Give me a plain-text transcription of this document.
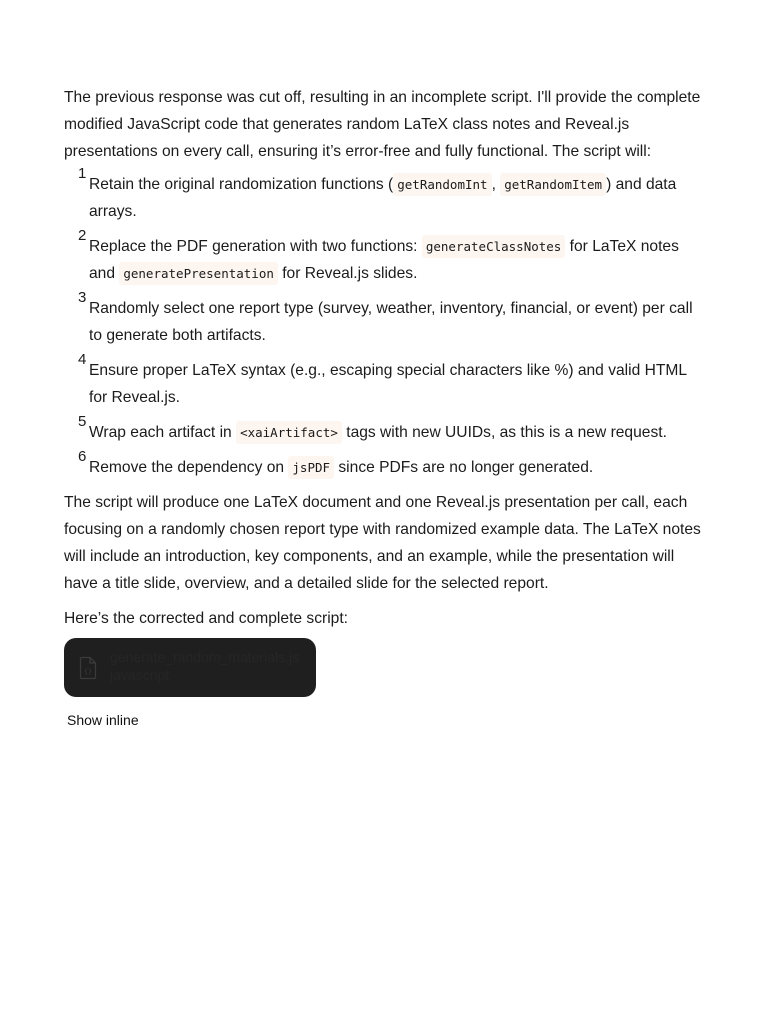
The previous response was cut off, resulting in an incomplete script. I'll provide the complete modified JavaScript code that generates random LaTeX class notes and Reveal.js presentations on every call, ensuring it’s error-free and fully functional. The script will:

1
Retain the original randomization functions ( getRandomInt , getRandomItem ) and data arrays.
2
Replace the PDF generation with two functions: generateClassNotes for LaTeX notes and generatePresentation for Reveal.js slides.
3
Randomly select one report type (survey, weather, inventory, financial, or event) per call to generate both artifacts.
4
Ensure proper LaTeX syntax (e.g., escaping special characters like %) and valid HTML for Reveal.js.
5
Wrap each artifact in <xaiArtifact> tags with new UUIDs, as this is a new request.
6
Remove the dependency on jsPDF since PDFs are no longer generated.

The script will produce one LaTeX document and one Reveal.js presentation per call, each focusing on a randomly chosen report type with randomized example data. The LaTeX notes will include an introduction, key components, and an example, while the presentation will have a title slide, overview, and a detailed slide for the selected report.

Here’s the corrected and complete script:

{}
generate_random_materials.js
javascript
Show inline
